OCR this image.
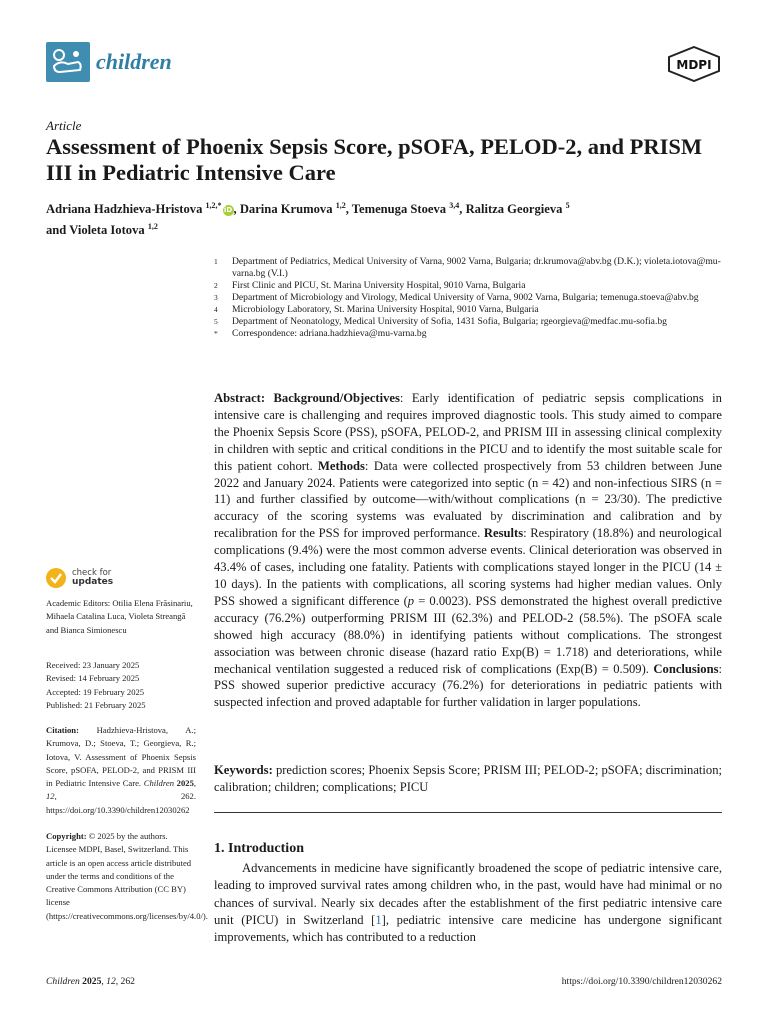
children	MDPI
Article
Assessment of Phoenix Sepsis Score, pSOFA, PELOD-2, and PRISM III in Pediatric Intensive Care
Adriana Hadzhieva-Hristova $^{1,2,*}$iD, Darina Krumova $^{1,2}$, Temenuga Stoeva $^{3,4}$, Ralitza Georgieva $^5$
and Violeta Iotova $^{1,2}$
1	Department of Pediatrics, Medical University of Varna, 9002 Varna, Bulgaria; dr.krumova@abv.bg (D.K.); violeta.iotova@mu-varna.bg (V.I.)
2	First Clinic and PICU, St. Marina University Hospital, 9010 Varna, Bulgaria
3	Department of Microbiology and Virology, Medical University of Varna, 9002 Varna, Bulgaria; temenuga.stoeva@abv.bg
4	Microbiology Laboratory, St. Marina University Hospital, 9010 Varna, Bulgaria
5	Department of Neonatology, Medical University of Sofia, 1431 Sofia, Bulgaria; rgeorgieva@medfac.mu-sofia.bg
*	Correspondence: adriana.hadzhieva@mu-varna.bg

Abstract: Background/Objectives: Early identification of pediatric sepsis complications in intensive care is challenging and requires improved diagnostic tools. This study aimed to compare the Phoenix Sepsis Score (PSS), pSOFA, PELOD-2, and PRISM III in assessing clinical complexity in children with septic and critical conditions in the PICU and to identify the most suitable scale for this patient cohort. Methods: Data were collected prospectively from 53 children between June 2022 and January 2024. Patients were categorized into septic (n = 42) and non-infectious SIRS (n = 11) and further classified by outcome—with/without complications (n = 23/30). The predictive accuracy of the scoring systems was evaluated by discrimination and calibration and by recalibration for the PSS for improved performance. Results: Respiratory (18.8%) and neurological complications (9.4%) were the most common adverse events. Clinical deterioration was observed in 43.4% of cases, including one fatality. Patients with complications stayed longer in the PICU (14 ± 10 days). In the patients with complications, all scoring systems had higher median values. Only PSS showed a significant difference (p = 0.0023). PSS demonstrated the highest overall predictive accuracy (76.2%) outperforming PRISM III (62.3%) and PELOD-2 (58.5%). The pSOFA scale showed high accuracy (88.0%) in identifying patients without complications. The strongest association was between chronic disease (hazard ratio Exp(B) = 1.718) and deteriorations, while mechanical ventilation suggested a reduced risk of complications (Exp(B) = 0.509). Conclusions: PSS showed superior predictive accuracy (76.2%) for deteriorations in pediatric patients with suspected infection and proved adaptable for further validation in larger populations.

Keywords: prediction scores; Phoenix Sepsis Score; PRISM III; PELOD-2; pSOFA; discrimination; calibration; children; complications; PICU

1. Introduction

Advancements in medicine have significantly broadened the scope of pediatric intensive care, leading to improved survival rates among children who, in the past, would have had minimal or no chances of survival. Nearly six decades after the establishment of the first pediatric intensive care unit (PICU) in Switzerland [1], pediatric intensive care medicine has undergone significant improvements, which has contributed to a reduction

check for
updates

Academic Editors: Otilia Elena Frăsinariu, Mihaela Catalina Luca, Violeta Streangă and Bianca Simionescu

Received: 23 January 2025
Revised: 14 February 2025
Accepted: 19 February 2025
Published: 21 February 2025

Citation: Hadzhieva-Hristova, A.; Krumova, D.; Stoeva, T.; Georgieva, R.; Iotova, V. Assessment of Phoenix Sepsis Score, pSOFA, PELOD-2, and PRISM III in Pediatric Intensive Care. Children 2025, 12, 262. https://doi.org/10.3390/children12030262

Copyright: © 2025 by the authors. Licensee MDPI, Basel, Switzerland. This article is an open access article distributed under the terms and conditions of the Creative Commons Attribution (CC BY) license (https://creativecommons.org/licenses/by/4.0/).

Children 2025, 12, 262	https://doi.org/10.3390/children12030262
